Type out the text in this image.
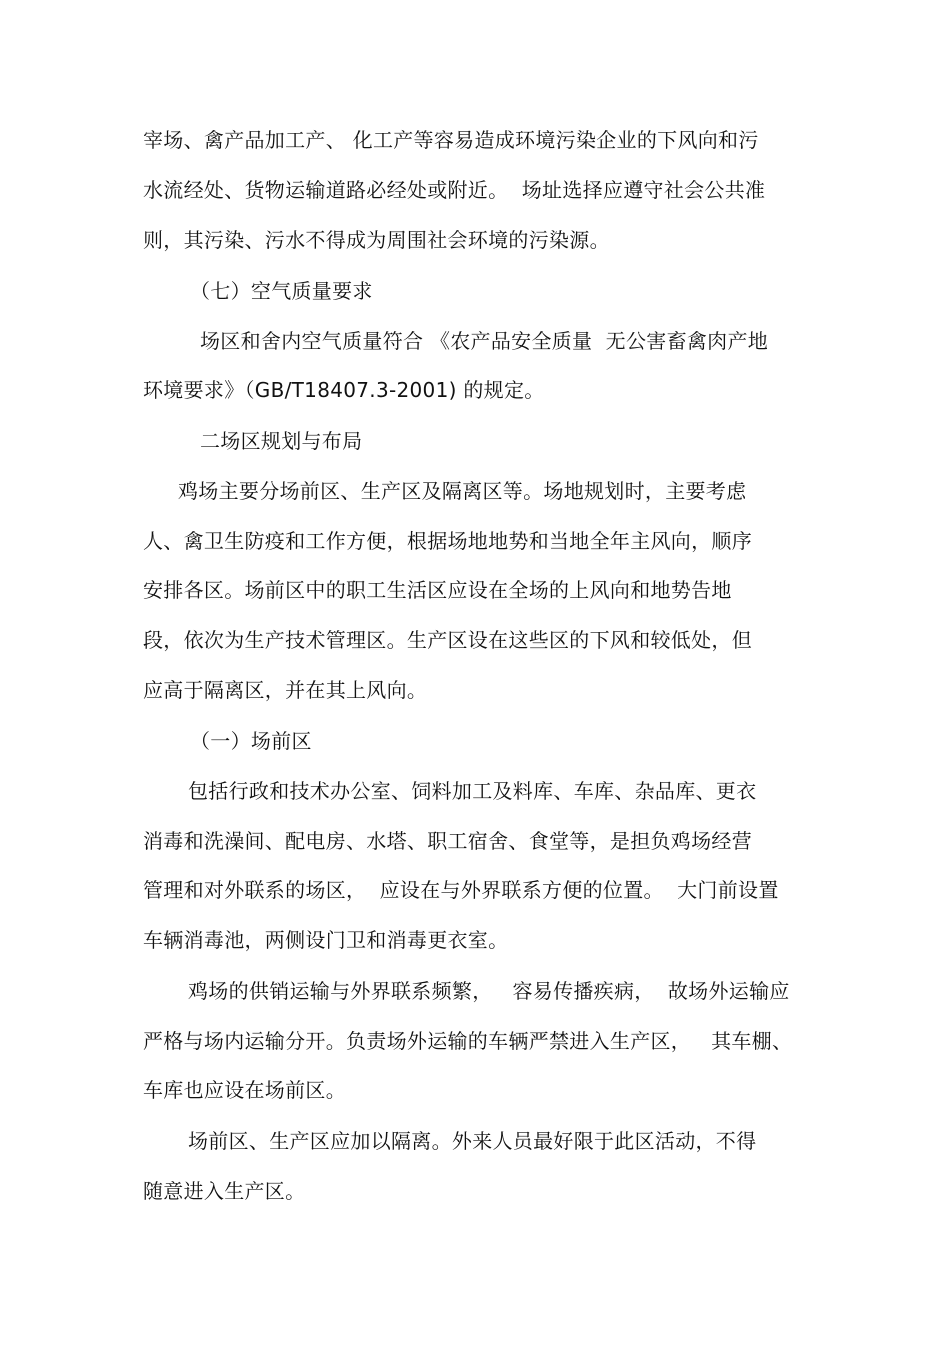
宰场、禽产品加工产、 化工产等容易造成环境污染企业的下风向和污
水流经处、货物运输道路必经处或附近。  场址选择应遵守社会公共准
则，其污染、污水不得成为周围社会环境的污染源。
（七）空气质量要求
场区和舍内空气质量符合 《农产品安全质量  无公害畜禽肉产地
环境要求》（GB/T18407.3-2001) 的规定。
二场区规划与布局
鸡场主要分场前区、生产区及隔离区等。场地规划时，主要考虑
人、禽卫生防疫和工作方便，根据场地地势和当地全年主风向，顺序
安排各区。场前区中的职工生活区应设在全场的上风向和地势告地
段，依次为生产技术管理区。生产区设在这些区的下风和较低处，但
应高于隔离区，并在其上风向。
（一）场前区
包括行政和技术办公室、饲料加工及料库、车库、杂品库、更衣
消毒和洗澡间、配电房、水塔、职工宿舍、食堂等，是担负鸡场经营
管理和对外联系的场区，  应设在与外界联系方便的位置。  大门前设置
车辆消毒池，两侧设门卫和消毒更衣室。
鸡场的供销运输与外界联系频繁，   容易传播疾病，  故场外运输应
严格与场内运输分开。负责场外运输的车辆严禁进入生产区，   其车棚、
车库也应设在场前区。
场前区、生产区应加以隔离。外来人员最好限于此区活动，不得
随意进入生产区。
